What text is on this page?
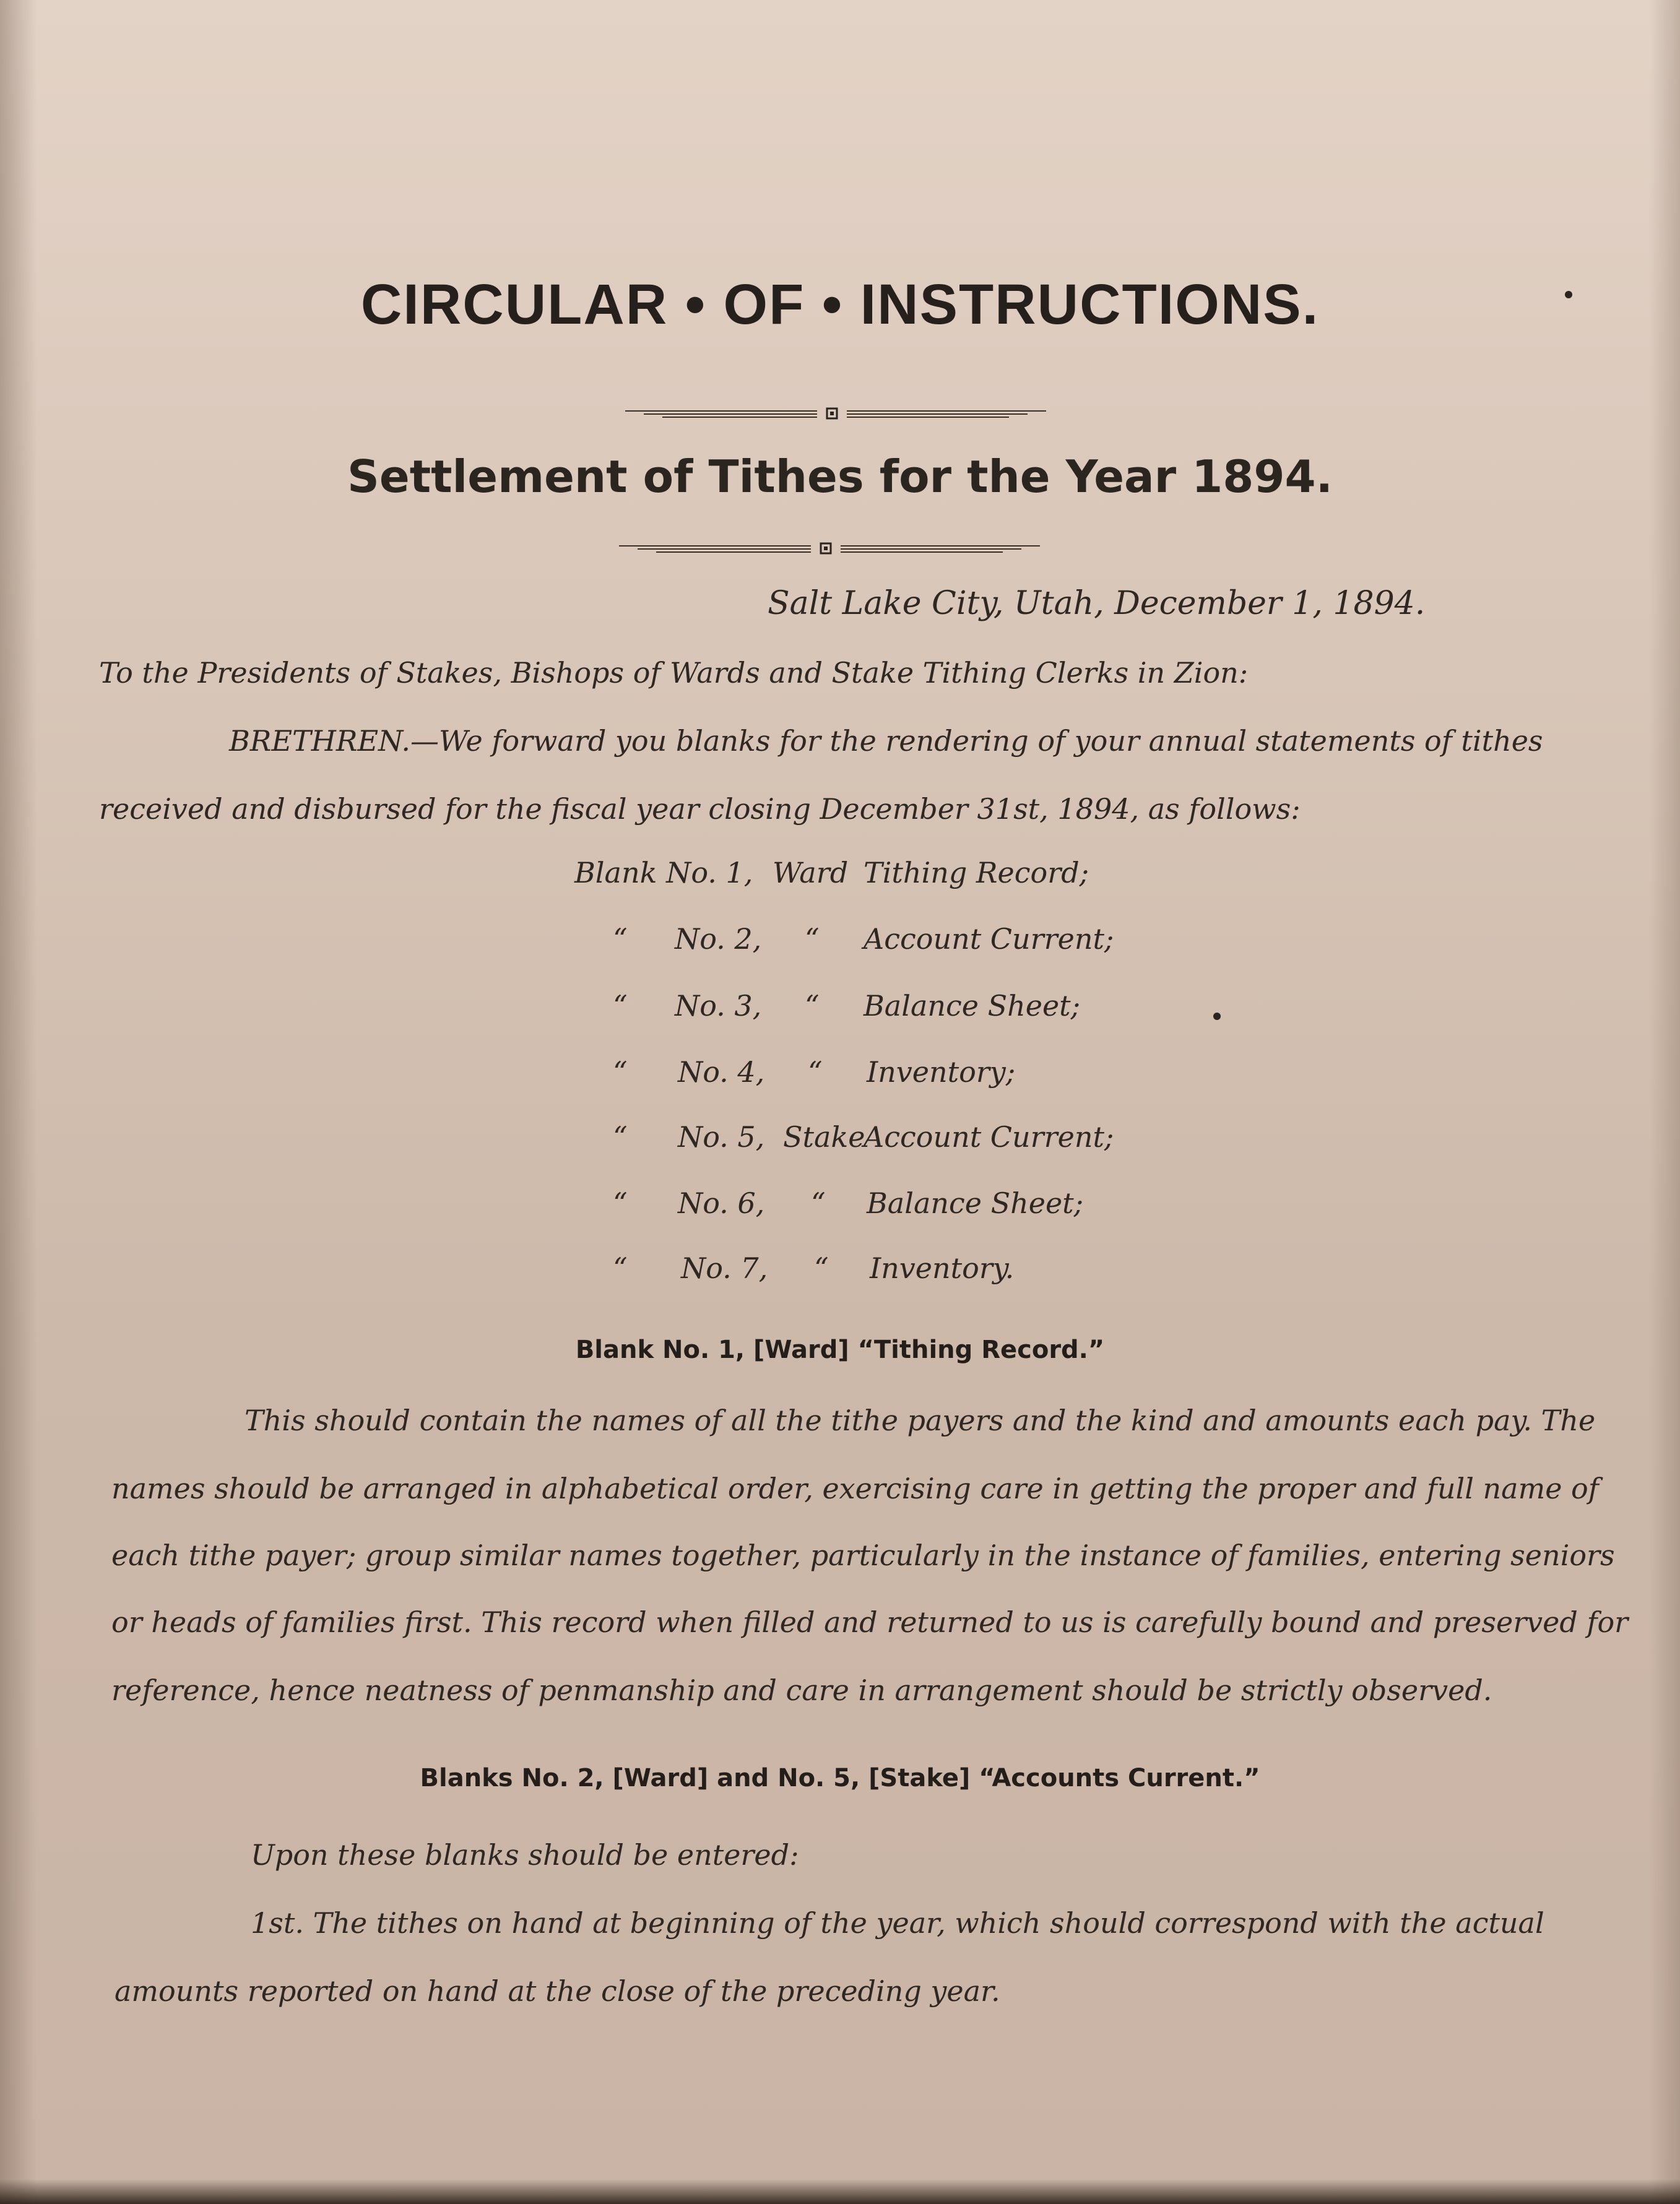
CIRCULAR • OF • INSTRUCTIONS.
Settlement of Tithes for the Year 1894.
Salt Lake City, Utah, December 1, 1894.
To the Presidents of Stakes, Bishops of Wards and Stake Tithing Clerks in Zion:
BRETHREN.—We forward you blanks for the rendering of your annual statements of tithes
received and disbursed for the fiscal year closing December 31st, 1894, as follows:
Blank No. 1, Ward Tithing Record;
“ No. 2, “ Account Current;
“ No. 3, “ Balance Sheet;
“ No. 4, “ Inventory;
“ No. 5, Stake
Account Current;
“ No. 6, “ Balance Sheet;
“ No. 7, “ Inventory.
Blank No. 1, [Ward] “Tithing Record.”
This should contain the names of all the tithe payers and the kind and amounts each pay. The
names should be arranged in alphabetical order, exercising care in getting the proper and full name of
each tithe payer; group similar names together, particularly in the instance of families, entering seniors
or heads of families first. This record when filled and returned to us is carefully bound and preserved for
reference, hence neatness of penmanship and care in arrangement should be strictly observed.
Blanks No. 2, [Ward] and No. 5, [Stake] “Accounts Current.”
Upon these blanks should be entered:
1st. The tithes on hand at beginning of the year, which should correspond with the actual
amounts reported on hand at the close of the preceding year.
